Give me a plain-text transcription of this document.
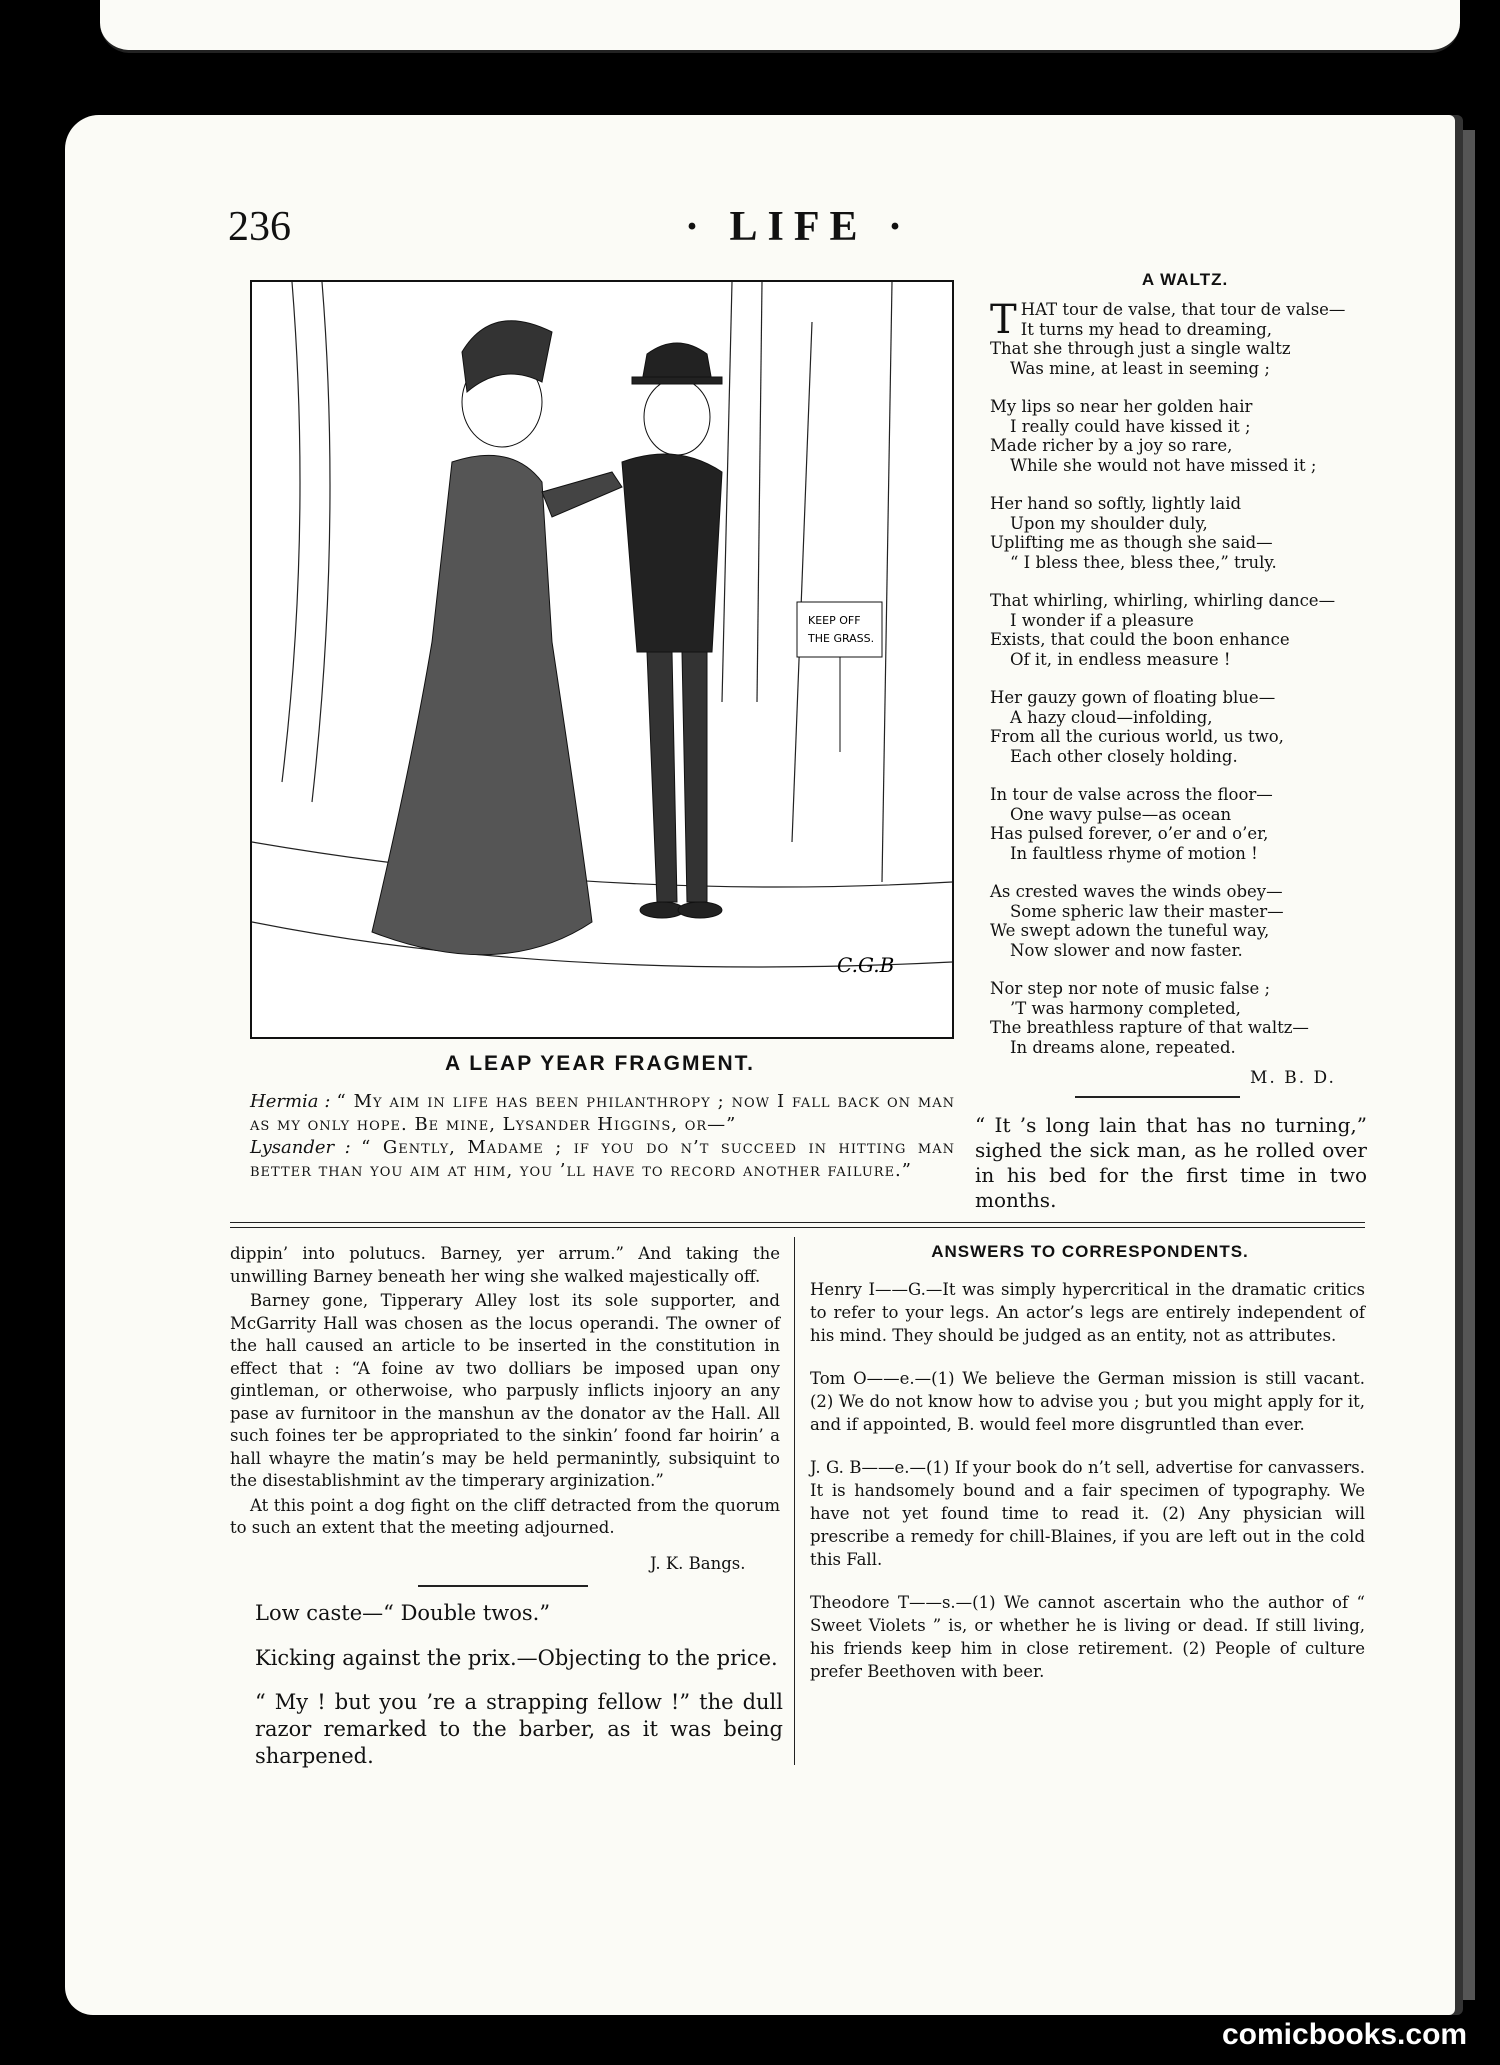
236	· LIFE ·
KEEP OFF
THE GRASS.
C.G.B
A LEAP YEAR FRAGMENT.
Hermia : “ My aim in life has been philanthropy ; now I fall back on man as my only hope. Be mine, Lysander Higgins, or—”
Lysander : “ Gently, Madame ; if you do n’t succeed in hitting man better than you aim at him, you ’ll have to record another failure.”
A WALTZ.
THAT tour de valse, that tour de valse—
It turns my head to dreaming,
That she through just a single waltz
Was mine, at least in seeming ;
My lips so near her golden hair
I really could have kissed it ;
Made richer by a joy so rare,
While she would not have missed it ;
Her hand so softly, lightly laid
Upon my shoulder duly,
Uplifting me as though she said—
“ I bless thee, bless thee,” truly.
That whirling, whirling, whirling dance—
I wonder if a pleasure
Exists, that could the boon enhance
Of it, in endless measure !
Her gauzy gown of floating blue—
A hazy cloud—infolding,
From all the curious world, us two,
Each other closely holding.
In tour de valse across the floor—
One wavy pulse—as ocean
Has pulsed forever, o’er and o’er,
In faultless rhyme of motion !
As crested waves the winds obey—
Some spheric law their master—
We swept adown the tuneful way,
Now slower and now faster.
Nor step nor note of music false ;
’T was harmony completed,
The breathless rapture of that waltz—
In dreams alone, repeated.
M. B. D.
“ It ’s long lain that has no turning,” sighed the sick man, as he rolled over in his bed for the first time in two months.

dippin’ into polutucs. Barney, yer arrum.” And taking the unwilling Barney beneath her wing she walked majestically off.

Barney gone, Tipperary Alley lost its sole supporter, and McGarrity Hall was chosen as the locus operandi. The owner of the hall caused an article to be inserted in the constitution in effect that : “A foine av two dolliars be imposed upan ony gintleman, or otherwoise, who parpusly inflicts injoory an any pase av furnitoor in the manshun av the donator av the Hall. All such foines ter be appropriated to the sinkin’ foond far hoirin’ a hall whayre the matin’s may be held permanintly, subsiquint to the disestablishmint av the timperary arginization.”

At this point a dog fight on the cliff detracted from the quorum to such an extent that the meeting adjourned.

J. K. Bangs.
Low caste—“ Double twos.”
Kicking against the prix.—Objecting to the price.
“ My ! but you ’re a strapping fellow !” the dull razor remarked to the barber, as it was being sharpened.
ANSWERS TO CORRESPONDENTS.

Henry I——G.—It was simply hypercritical in the dramatic critics to refer to your legs. An actor’s legs are entirely independent of his mind. They should be judged as an entity, not as attributes.

Tom O——e.—(1) We believe the German mission is still vacant. (2) We do not know how to advise you ; but you might apply for it, and if appointed, B. would feel more disgruntled than ever.

J. G. B——e.—(1) If your book do n’t sell, advertise for canvassers. It is handsomely bound and a fair specimen of typography. We have not yet found time to read it. (2) Any physician will prescribe a remedy for chill-Blaines, if you are left out in the cold this Fall.

Theodore T——s.—(1) We cannot ascertain who the author of “ Sweet Violets ” is, or whether he is living or dead. If still living, his friends keep him in close retirement. (2) People of culture prefer Beethoven with beer.

comicbooks.com
